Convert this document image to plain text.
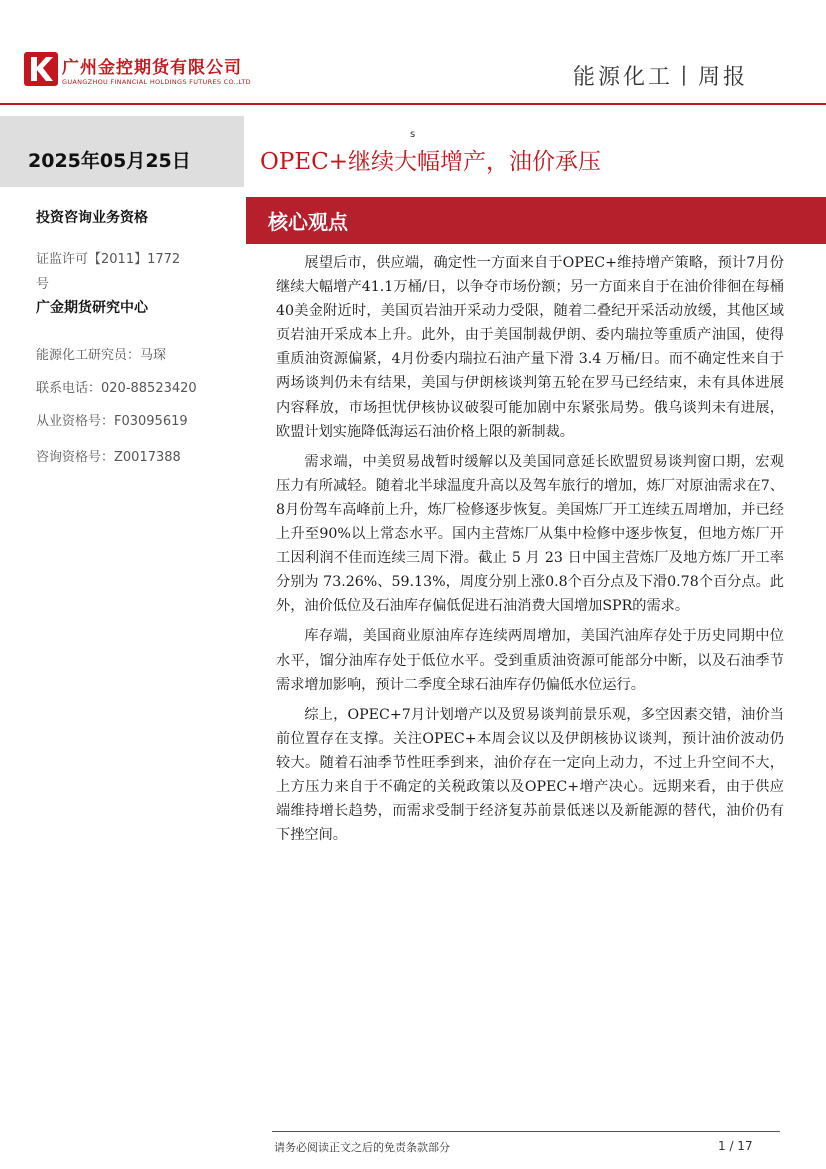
广州金控期货有限公司
GUANGZHOU FINANCIAL HOLDINGS FUTURES CO.,LTD	能源化工丨周报
2025年05月25日
s
OPEC+继续大幅增产，油价承压
投资咨询业务资格
证监许可【2011】1772
号
广金期货研究中心
能源化工研究员：马琛
联系电话：020-88523420
从业资格号：F03095619
咨询资格号：Z0017388
核心观点

展望后市，供应端，确定性一方面来自于OPEC+维持增产策略，预计7月份继续大幅增产41.1万桶/日，以争夺市场份额；另一方面来自于在油价徘徊在每桶40美金附近时，美国页岩油开采动力受限，随着二叠纪开采活动放缓，其他区域页岩油开采成本上升。此外，由于美国制裁伊朗、委内瑞拉等重质产油国，使得重质油资源偏紧，4月份委内瑞拉石油产量下滑 3.4 万桶/日。而不确定性来自于两场谈判仍未有结果，美国与伊朗核谈判第五轮在罗马已经结束，未有具体进展内容释放，市场担忧伊核协议破裂可能加剧中东紧张局势。俄乌谈判未有进展，欧盟计划实施降低海运石油价格上限的新制裁。

需求端，中美贸易战暂时缓解以及美国同意延长欧盟贸易谈判窗口期，宏观压力有所减轻。随着北半球温度升高以及驾车旅行的增加，炼厂对原油需求在7、8月份驾车高峰前上升，炼厂检修逐步恢复。美国炼厂开工连续五周增加，并已经上升至90%以上常态水平。国内主营炼厂从集中检修中逐步恢复，但地方炼厂开工因利润不佳而连续三周下滑。截止 5 月 23 日中国主营炼厂及地方炼厂开工率分别为 73.26%、59.13%，周度分别上涨0.8个百分点及下滑0.78个百分点。此外，油价低位及石油库存偏低促进石油消费大国增加SPR的需求。

库存端，美国商业原油库存连续两周增加，美国汽油库存处于历史同期中位水平，馏分油库存处于低位水平。受到重质油资源可能部分中断，以及石油季节需求增加影响，预计二季度全球石油库存仍偏低水位运行。

综上，OPEC+7月计划增产以及贸易谈判前景乐观，多空因素交错，油价当前位置存在支撑。关注OPEC+本周会议以及伊朗核协议谈判，预计油价波动仍较大。随着石油季节性旺季到来，油价存在一定向上动力，不过上升空间不大，上方压力来自于不确定的关税政策以及OPEC+增产决心。远期来看，由于供应端维持增长趋势，而需求受制于经济复苏前景低迷以及新能源的替代，油价仍有下挫空间。

请务必阅读正文之后的免责条款部分	1 / 17
